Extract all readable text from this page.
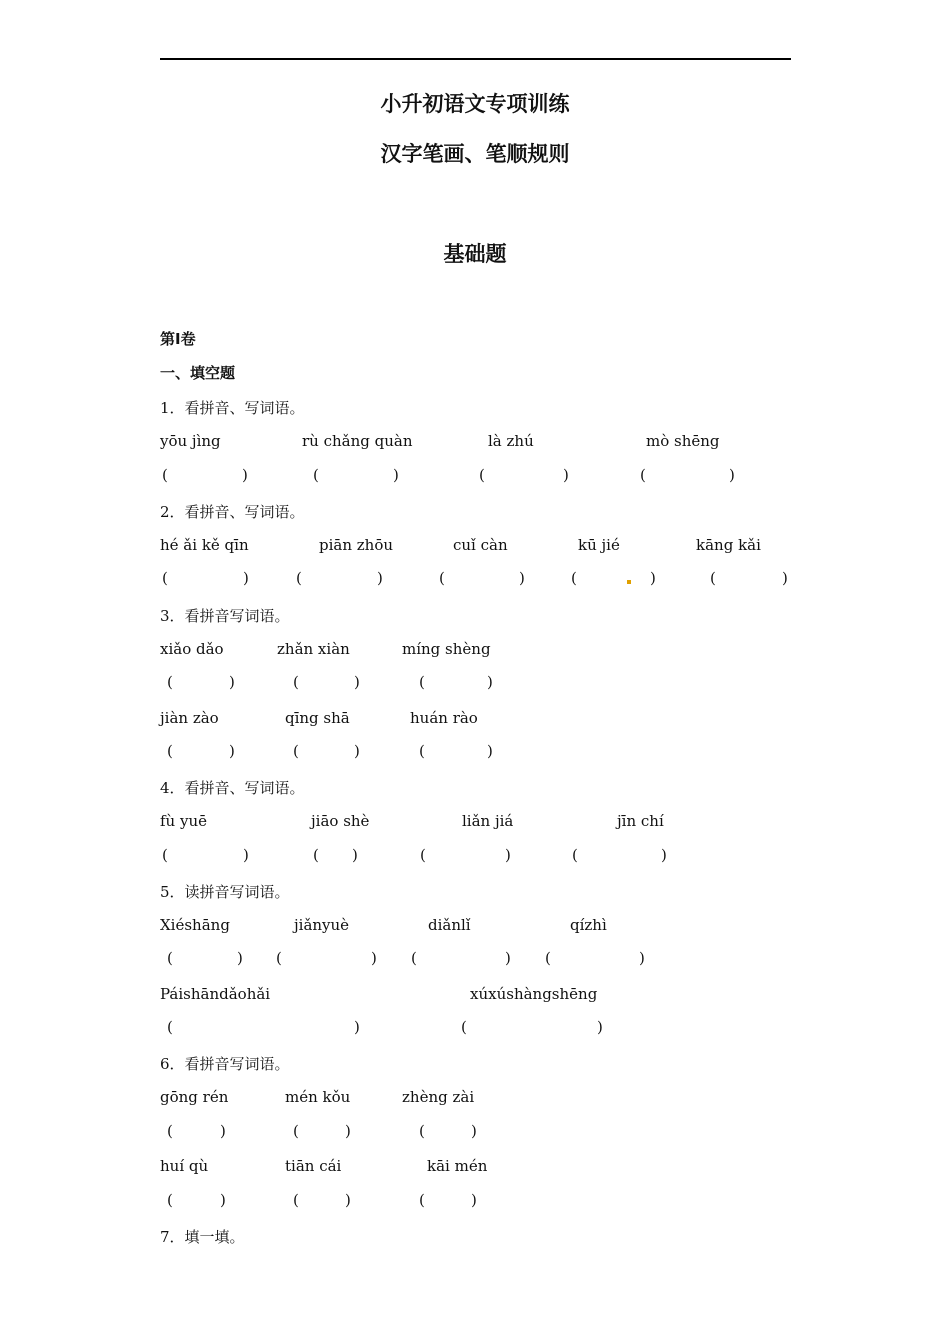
小升初语文专项训练
汉字笔画、笔顺规则
基础题
第I卷
一、填空题
1．看拼音、写词语。
yōu jìng	rù chǎng quàn	là zhú	mò shēng
(	)	(	)	(	)	(	)
2．看拼音、写词语。
hé ǎi kě qīn	piān zhōu	cuǐ càn	kū jié	kāng kǎi
(	)	(	)	(	)	(	)	(	)
3．看拼音写词语。
xiǎo dǎo	zhǎn xiàn	míng shèng
(	)	(	)	(	)
jiàn zào	qīng shā	huán rào
(	)	(	)	(	)
4．看拼音、写词语。
fù yuē	jiāo shè	liǎn jiá	jīn chí
(	)	( )	(	)	(	)
5．读拼音写词语。
Xiéshāng	jiǎnyuè	diǎnlǐ	qízhì
(	) (	) (	) (	)
Páishāndǎohǎi	xúxúshàngshēng
(	)	(	)
6．看拼音写词语。
gōng rén	mén kǒu	zhèng zài
(	)	(	)	(	)
huí qù	tiān cái	kāi mén
(	)	(	)	(	)
7．填一填。
